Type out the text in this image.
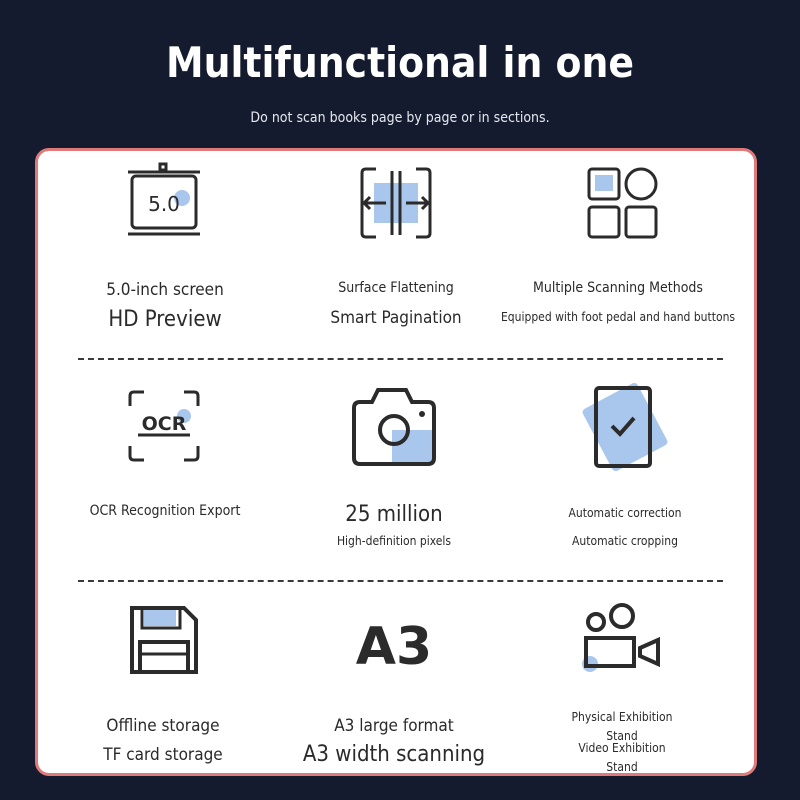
Multifunctional in one
Do not scan books page by page or in sections.
5.0
5.0-inch screen
HD Preview
Surface Flattening
Smart Pagination
Multiple Scanning Methods
Equipped with foot pedal and hand buttons
OCR
OCR Recognition Export	25 million
High-definition pixels
Automatic correction
Automatic cropping
A3
Offline storage
TF card storage
A3 large format
A3 width scanning
Physical Exhibition
Stand
Video Exhibition
Stand
